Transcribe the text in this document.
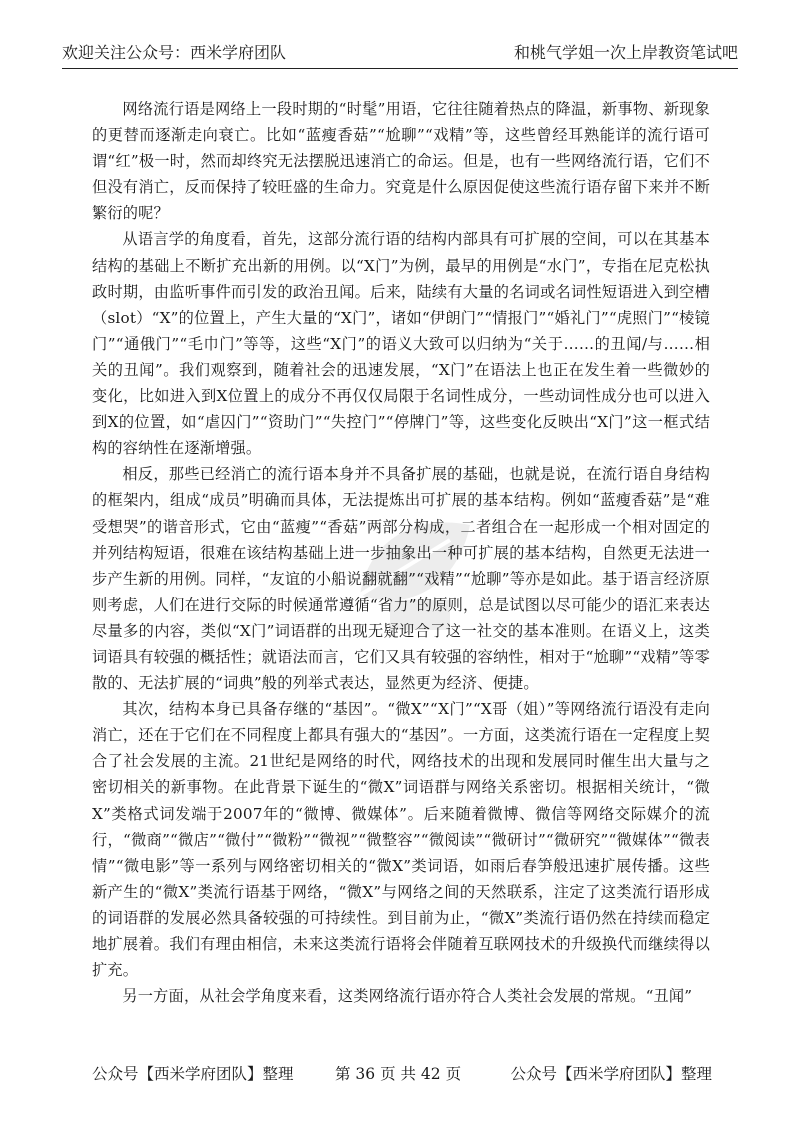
欢迎关注公众号：西米学府团队	和桃气学姐一次上岸教资笔试吧

网络流行语是网络上一段时期的“时髦”用语，它往往随着热点的降温，新事物、新现象的更替而逐渐走向衰亡。比如“蓝瘦香菇”“尬聊”“戏精”等，这些曾经耳熟能详的流行语可谓“红”极一时，然而却终究无法摆脱迅速消亡的命运。但是，也有一些网络流行语，它们不但没有消亡，反而保持了较旺盛的生命力。究竟是什么原因促使这些流行语存留下来并不断繁衍的呢？

从语言学的角度看，首先，这部分流行语的结构内部具有可扩展的空间，可以在其基本结构的基础上不断扩充出新的用例。以“X门”为例，最早的用例是“水门”，专指在尼克松执政时期，由监听事件而引发的政治丑闻。后来，陆续有大量的名词或名词性短语进入到空槽（slot）“X”的位置上，产生大量的“X门”，诸如“伊朗门”“情报门”“婚礼门”“虎照门”“棱镜门”“通俄门”“毛巾门”等等，这些“X门”的语义大致可以归纳为“关于……的丑闻/与……相关的丑闻”。我们观察到，随着社会的迅速发展，“X门”在语法上也正在发生着一些微妙的变化，比如进入到X位置上的成分不再仅仅局限于名词性成分，一些动词性成分也可以进入到X的位置，如“虐囚门”“资助门”“失控门”“停牌门”等，这些变化反映出“X门”这一框式结构的容纳性在逐渐增强。

相反，那些已经消亡的流行语本身并不具备扩展的基础，也就是说，在流行语自身结构的框架内，组成“成员”明确而具体，无法提炼出可扩展的基本结构。例如“蓝瘦香菇”是“难受想哭”的谐音形式，它由“蓝瘦”“香菇”两部分构成，二者组合在一起形成一个相对固定的并列结构短语，很难在该结构基础上进一步抽象出一种可扩展的基本结构，自然更无法进一步产生新的用例。同样，“友谊的小船说翻就翻”“戏精”“尬聊”等亦是如此。基于语言经济原则考虑，人们在进行交际的时候通常遵循“省力”的原则，总是试图以尽可能少的语汇来表达尽量多的内容，类似“X门”词语群的出现无疑迎合了这一社交的基本准则。在语义上，这类词语具有较强的概括性；就语法而言，它们又具有较强的容纳性，相对于“尬聊”“戏精”等零散的、无法扩展的“词典”般的列举式表达，显然更为经济、便捷。

其次，结构本身已具备存继的“基因”。“微X”“X门”“X哥（姐）”等网络流行语没有走向消亡，还在于它们在不同程度上都具有强大的“基因”。一方面，这类流行语在一定程度上契合了社会发展的主流。21世纪是网络的时代，网络技术的出现和发展同时催生出大量与之密切相关的新事物。在此背景下诞生的“微X”词语群与网络关系密切。根据相关统计，“微X”类格式词发端于2007年的“微博、微媒体”。后来随着微博、微信等网络交际媒介的流行，“微商”“微店”“微付”“微粉”“微视”“微整容”“微阅读”“微研讨”“微研究”“微媒体”“微表情”“微电影”等一系列与网络密切相关的“微X”类词语，如雨后春笋般迅速扩展传播。这些新产生的“微X”类流行语基于网络，“微X”与网络之间的天然联系，注定了这类流行语形成的词语群的发展必然具备较强的可持续性。到目前为止，“微X”类流行语仍然在持续而稳定地扩展着。我们有理由相信，未来这类流行语将会伴随着互联网技术的升级换代而继续得以扩充。

另一方面，从社会学角度来看，这类网络流行语亦符合人类社会发展的常规。“丑闻”

公众号【西米学府团队】整理	第 36 页 共 42 页	公众号【西米学府团队】整理
